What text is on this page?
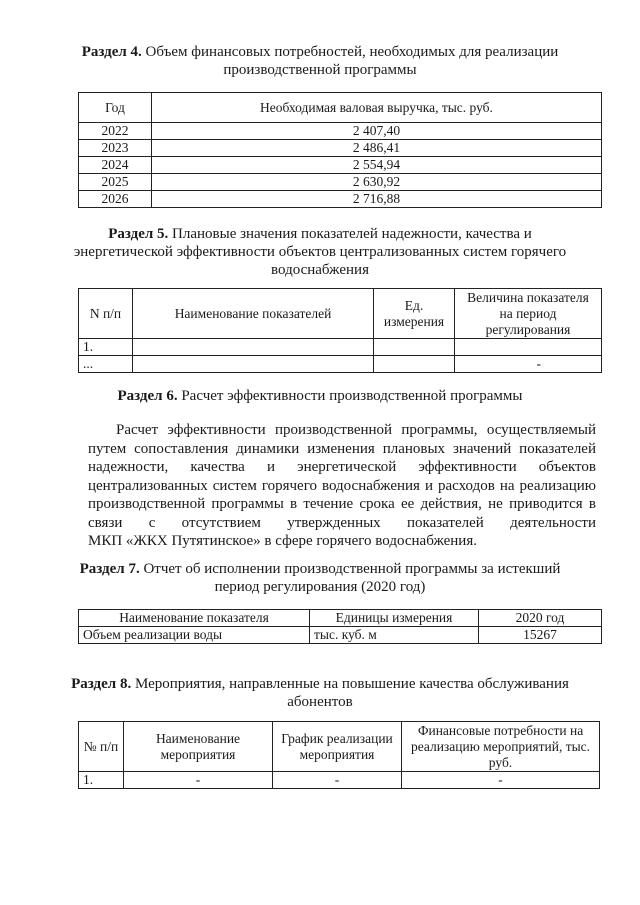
Раздел 4. Объем финансовых потребностей, необходимых для реализации
производственной программы
Год	Необходимая валовая выручка, тыс. руб.
2022	2 407,40
2023	2 486,41
2024	2 554,94
2025	2 630,92
2026	2 716,88
Раздел 5. Плановые значения показателей надежности, качества и
энергетической эффективности объектов централизованных систем горячего
водоснабжения
N п/п	Наименование показателей	Ед. измерения	Величина показателя на период регулирования
1.			
...			-
Раздел 6. Расчет эффективности производственной программы
Расчет эффективности производственной программы, осуществляемый
путем сопоставления динамики изменения плановых значений показателей
надежности, качества и энергетической эффективности объектов
централизованных систем горячего водоснабжения и расходов на реализацию
производственной программы в течение срока ее действия, не приводится в
связи с отсутствием утвержденных показателей деятельности
МКП «ЖКХ Путятинское» в сфере горячего водоснабжения.
Раздел 7. Отчет об исполнении производственной программы за истекший
период регулирования (2020 год)
Наименование показателя	Единицы измерения	2020 год
Объем реализации воды	тыс. куб. м	15267
Раздел 8. Мероприятия, направленные на повышение качества обслуживания
абонентов
№ п/п	Наименование мероприятия	График реализации мероприятия	Финансовые потребности на реализацию мероприятий, тыс. руб.
1.	-	-	-
